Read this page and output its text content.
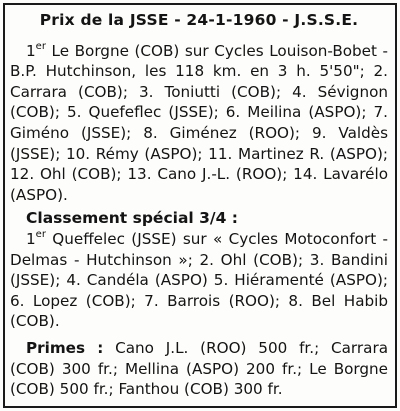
Prix de la JSSE - 24-1-1960 - J.S.S.E.

1er Le Borgne (COB) sur Cycles Louison-Bobet - B.P. Hutchinson, les 118 km. en 3 h. 5'50"; 2. Carrara (COB); 3. Toniutti (COB); 4. Sévignon (COB); 5. Quefeflec (JSSE); 6. Meilina (ASPO); 7. Giméno (JSSE); 8. Giménez (ROO); 9. Valdès (JSSE); 10. Rémy (ASPO); 11. Martinez R. (ASPO); 12. Ohl (COB); 13. Cano J.-L. (ROO); 14. Lavarélo (ASPO).

Classement spécial 3/4 :

1er Queffelec (JSSE) sur « Cycles Motoconfort - Delmas - Hutchinson »; 2. Ohl (COB); 3. Bandini (JSSE); 4. Candéla (ASPO) 5. Hiéramenté (ASPO); 6. Lopez (COB); 7. Barrois (ROO); 8. Bel Habib (COB).

Primes : Cano J.L. (ROO) 500 fr.; Carrara (COB) 300 fr.; Mellina (ASPO) 200 fr.; Le Borgne (COB) 500 fr.; Fanthou (COB) 300 fr.
